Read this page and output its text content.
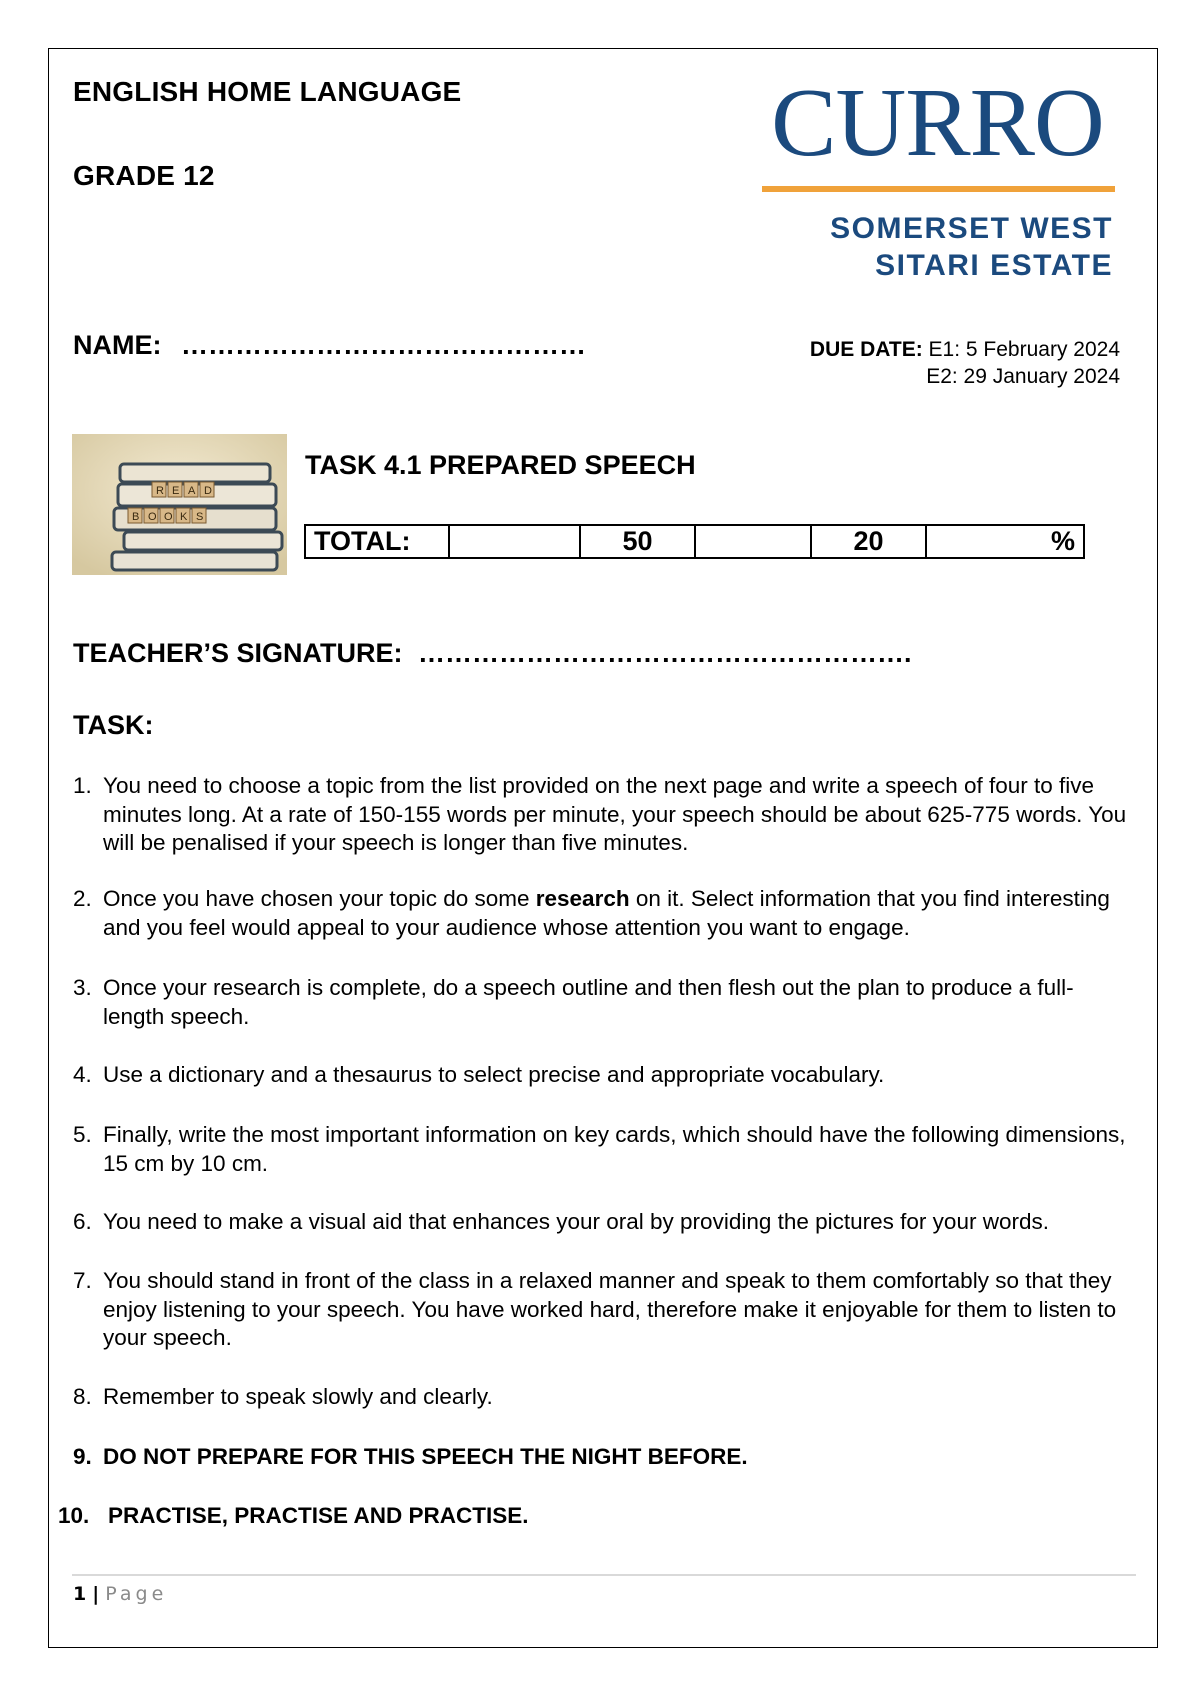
ENGLISH HOME LANGUAGE
GRADE 12	CURRO
SOMERSET WEST
SITARI ESTATE
NAME: ………………………………………	DUE DATE: E1: 5 February 2024
E2: 29 January 2024
R E A D
B O O K S
TASK 4.1 PREPARED SPEECH
TOTAL:		50		20	%
TEACHER’S SIGNATURE: ……………………………………………….
TASK:
1. You need to choose a topic from the list provided on the next page and write a speech of four to five minutes long. At a rate of 150-155 words per minute, your speech should be about 625-775 words. You will be penalised if your speech is longer than five minutes.
2. Once you have chosen your topic do some research on it. Select information that you find interesting and you feel would appeal to your audience whose attention you want to engage.
3. Once your research is complete, do a speech outline and then flesh out the plan to produce a full-length speech.
4. Use a dictionary and a thesaurus to select precise and appropriate vocabulary.
5. Finally, write the most important information on key cards, which should have the following dimensions, 15 cm by 10 cm.
6. You need to make a visual aid that enhances your oral by providing the pictures for your words.
7. You should stand in front of the class in a relaxed manner and speak to them comfortably so that they enjoy listening to your speech. You have worked hard, therefore make it enjoyable for them to listen to your speech.
8. Remember to speak slowly and clearly.
9. DO NOT PREPARE FOR THIS SPEECH THE NIGHT BEFORE.
10. PRACTISE, PRACTISE AND PRACTISE.
1 | Page
